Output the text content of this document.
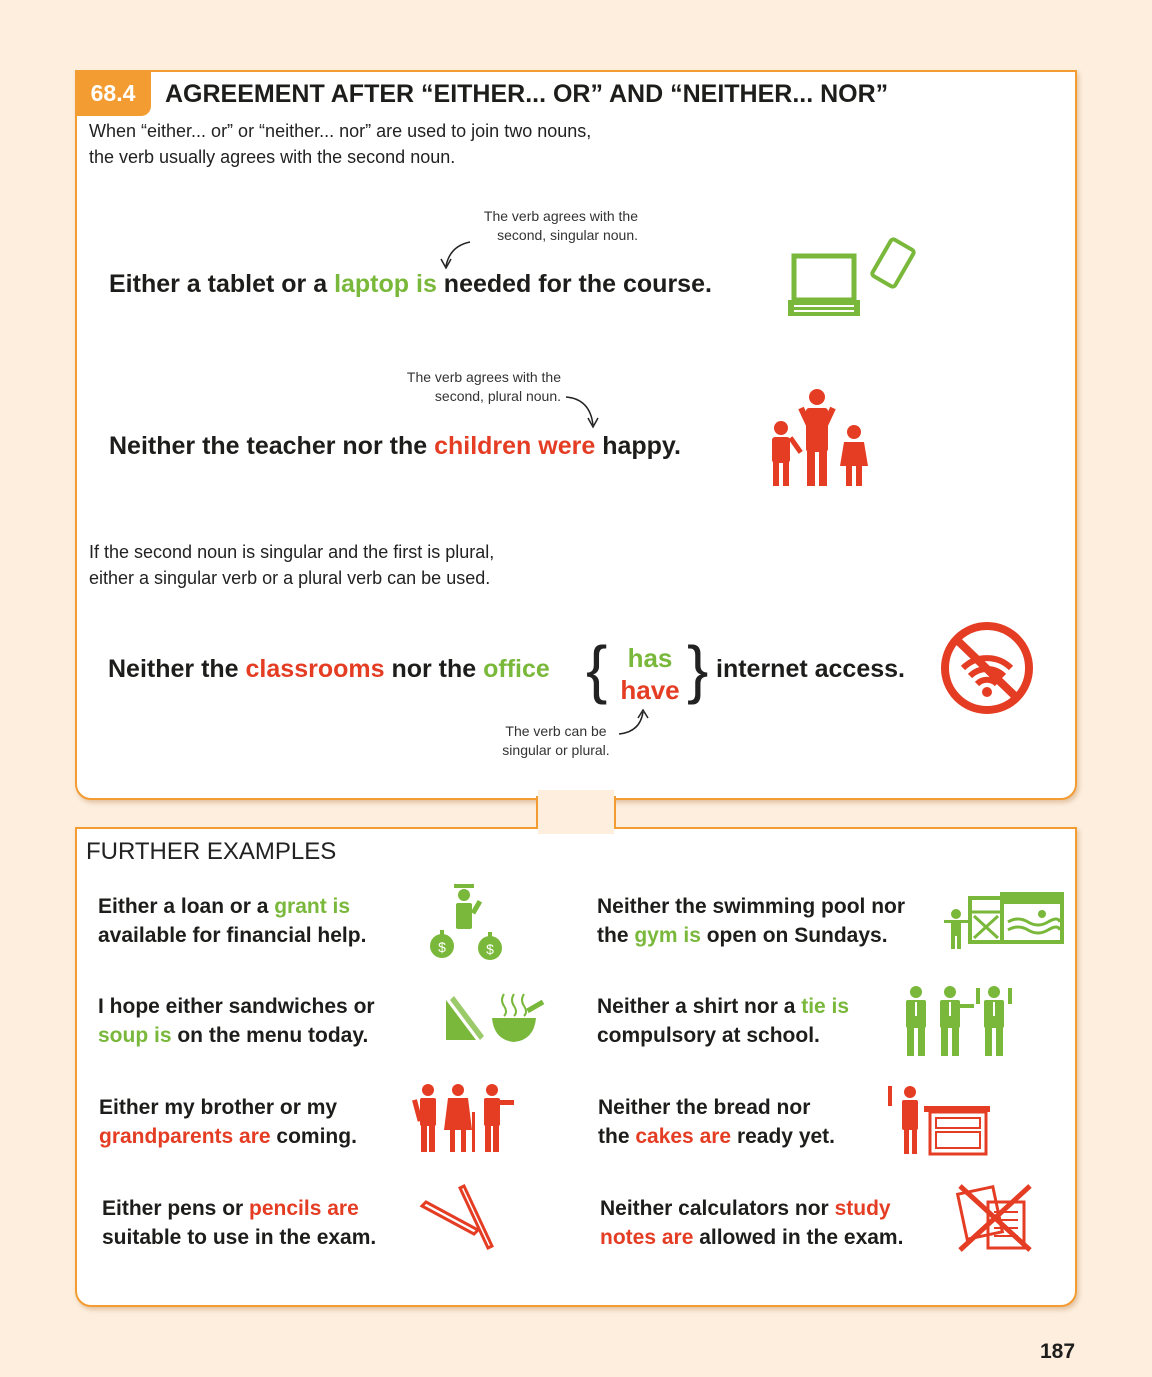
68.4	AGREEMENT AFTER “EITHER... OR” AND “NEITHER... NOR”
When “either... or” or “neither... nor” are used to join two nouns,
the verb usually agrees with the second noun.
The verb agrees with the
second, singular noun.
Either a tablet or a laptop is needed for the course.
The verb agrees with the
second, plural noun.
Neither the teacher nor the children were happy.
If the second noun is singular and the first is plural,
either a singular verb or a plural verb can be used.
Neither the classrooms nor the office { has
have } internet access.
The verb can be
singular or plural.
FURTHER EXAMPLES
Either a loan or a grant is
available for financial help.	$	$
I hope either sandwiches or
soup is on the menu today.
Either my brother or my
grandparents are coming.
Either pens or pencils are
suitable to use in the exam.
Neither the swimming pool nor
the gym is open on Sundays.
Neither a shirt nor a tie is
compulsory at school.
Neither the bread nor
the cakes are ready yet.
Neither calculators nor study
notes are allowed in the exam.
187
